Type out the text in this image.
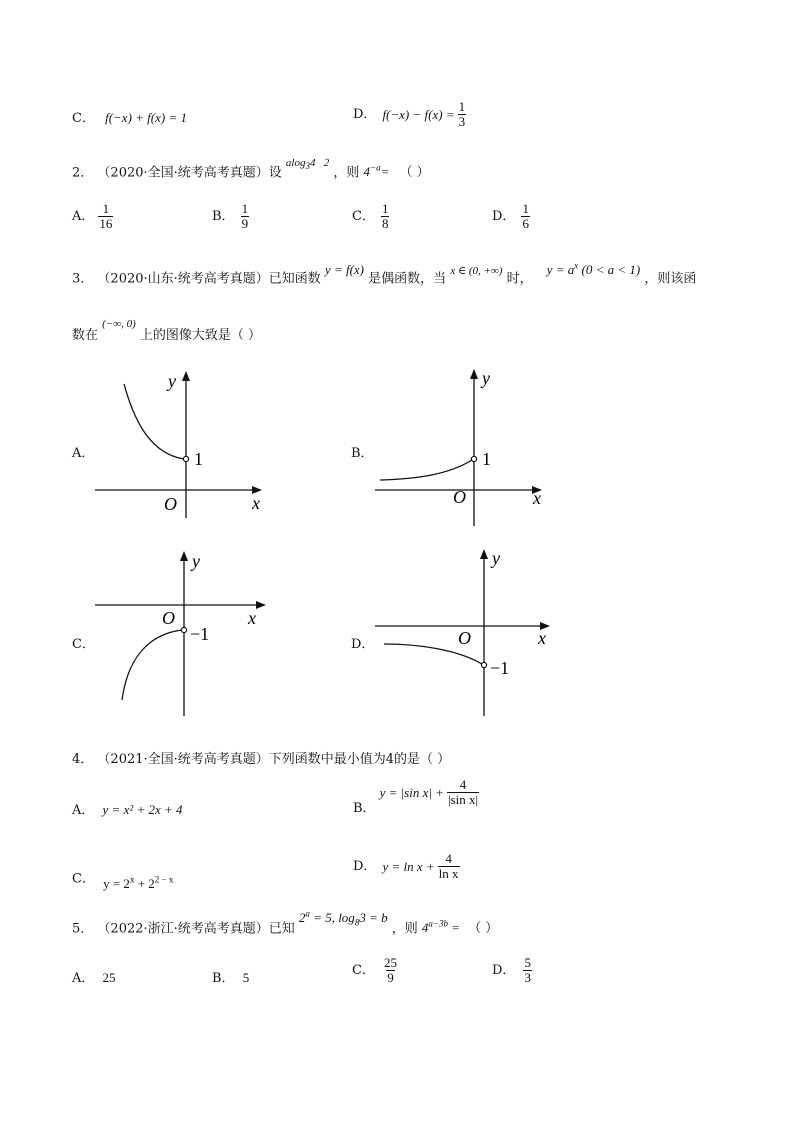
C． f(−x) + f(x) = 1	D． $f(-x) - f(x) = \frac{1}{3}$
2． （2020·全国·统考高考真题）设 $^{alog_34 2}$ ，则 $4^{-a}=$ （ ）
A． $\frac{1}{16}$	B． $\frac{1}{9}$	C． $\frac{1}{8}$	D． $\frac{1}{6}$
3． （2020·山东·统考高考真题）已知函数 y = f(x) 是偶函数，当 $^{x \in (0, +\infty)}$ 时， $y = a^x$ (0 < a < 1) ，则该函
数在 $^{(-\infty, 0)}$ 上的图像大致是（ ）
A．	B．
C．	D．
1
O	x
y
1
O	x
y
−1
O	x
y
−1
O	x
y
4． （2021·全国·统考高考真题）下列函数中最小值为4的是（ ）
A． y = x² + 2x + 4	B．
y = |sin $x| + \frac{4}{\text{|sin x|}}$
C． $y = 2^x + 2^{2 - x}$
D． $y = \ln x + \frac{4}{\text{ln x}}$
5． （2022·浙江·统考高考真题）已知 $2^a = 5$, $\log_83 = b$ ，则 $4^{a-3b}$ = （ ）
A． 25	B． 5	C． $\frac{25}{9}$	D． $\frac{5}{3}$
